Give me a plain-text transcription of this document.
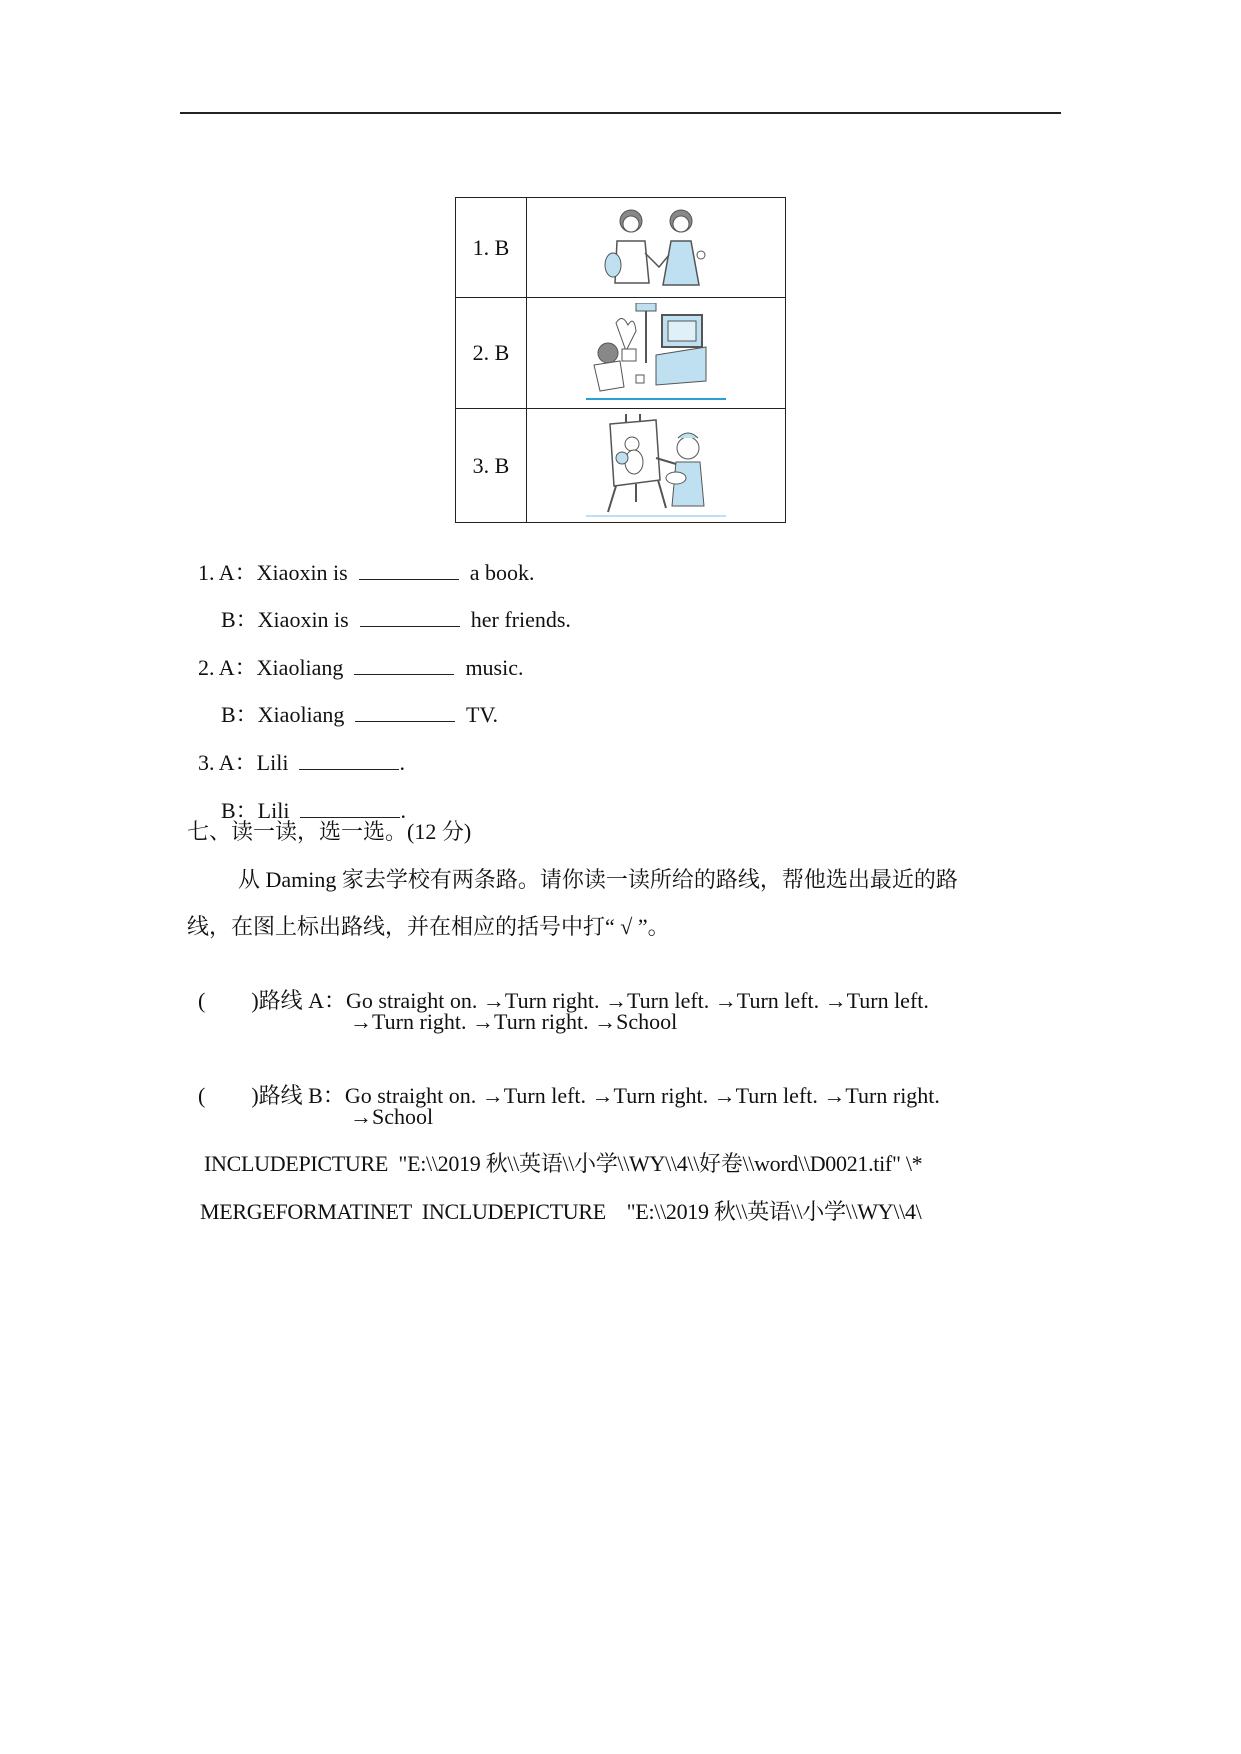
1. B	

2. B	

3. B	

1. A：Xiaoxin is	a book.

B：Xiaoxin is	her friends.

2. A：Xiaoliang	music.

B：Xiaoliang	TV.

3. A：Lili	.

B：Lili	.

七、读一读，选一选。(12 分)
从 Daming 家去学校有两条路。请你读一读所给的路线，帮他选出最近的路
线，在图上标出路线，并在相应的括号中打“ √ ”。

( )路线 A：Go straight on. →Turn right. →Turn left. →Turn left. →Turn left.

→Turn right. →Turn right. →School

( )路线 B：Go straight on. →Turn left. →Turn right. →Turn left. →Turn right.

→School
INCLUDEPICTURE  "E:\\2019 秋\\英语\\小学\\WY\\4\\好卷\\word\\D0021.tif" \*
MERGEFORMATINET  INCLUDEPICTURE    "E:\\2019 秋\\英语\\小学\\WY\\4\
